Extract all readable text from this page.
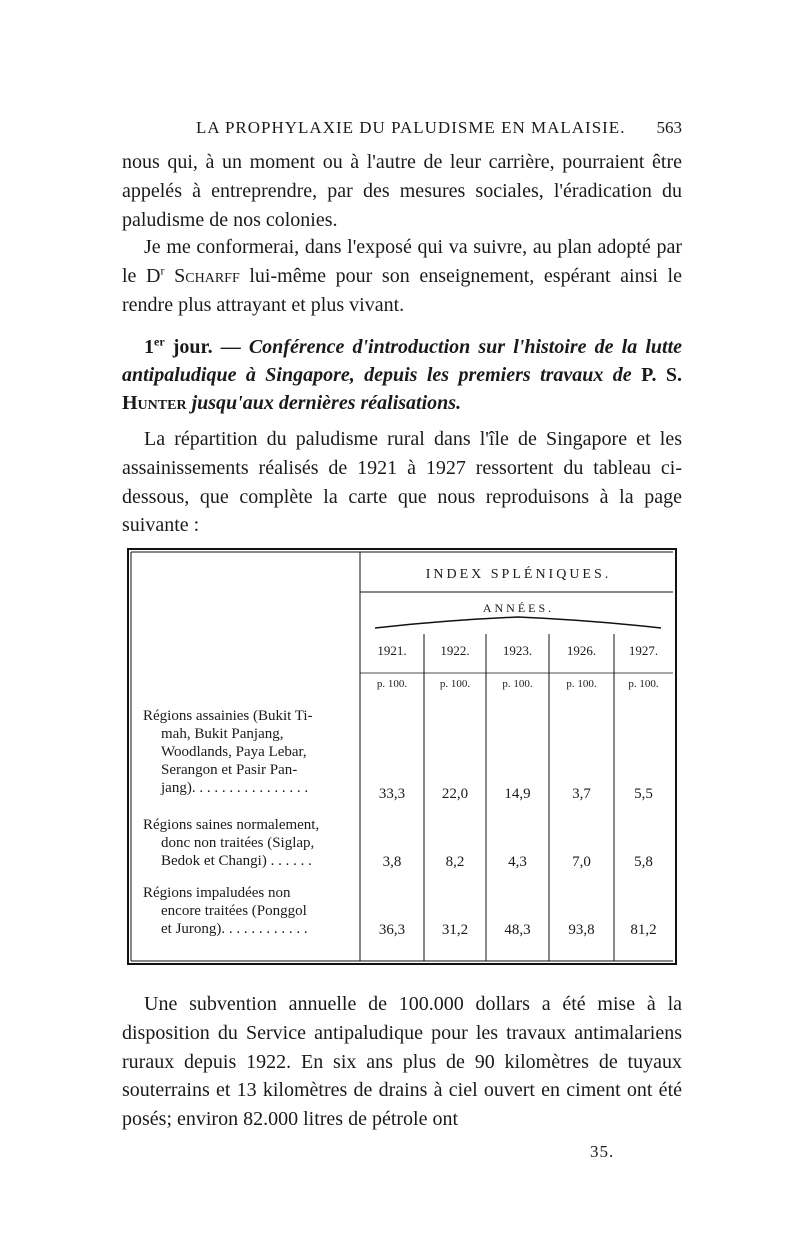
LA PROPHYLAXIE DU PALUDISME EN MALAISIE. 563

nous qui, à un moment ou à l'autre de leur carrière, pourraient être appelés à entreprendre, par des mesures sociales, l'éradication du paludisme de nos colonies.

Je me conformerai, dans l'exposé qui va suivre, au plan adopté par le $D^r$ Scharff lui-même pour son enseignement, espérant ainsi le rendre plus attrayant et plus vivant.

1er jour. — Conférence d'introduction sur l'histoire de la lutte antipaludique à Singapore, depuis les premiers travaux de P. S. Hunter jusqu'aux dernières réalisations.

La répartition du paludisme rural dans l'île de Singapore et les assainissements réalisés de 1921 à 1927 ressortent du tableau ci-dessous, que complète la carte que nous reproduisons à la page suivante :

INDEX SPLÉNIQUES.
ANNÉES.
1921.	1922.	1923.	1926.	1927.
p. 100.	p. 100.	p. 100.	p. 100.	p. 100.
Régions assainies (Bukit Ti-
mah, Bukit Panjang,
Woodlands, Paya Lebar,
Serangon et Pasir Pan-
jang). . . . . . . . . . . . . . . .	33,3	22,0	14,9	3,7	5,5
Régions saines normalement,
donc non traitées (Siglap,
Bedok et Changi) . . . . . .	3,8	8,2	4,3	7,0	5,8
Régions impaludées non
encore traitées (Ponggol
et Jurong). . . . . . . . . . . .	36,3	31,2	48,3	93,8	81,2

Une subvention annuelle de 100.000 dollars a été mise à la disposition du Service antipaludique pour les travaux antimalariens ruraux depuis 1922. En six ans plus de 90 kilomètres de tuyaux souterrains et 13 kilomètres de drains à ciel ouvert en ciment ont été posés; environ 82.000 litres de pétrole ont

35.
